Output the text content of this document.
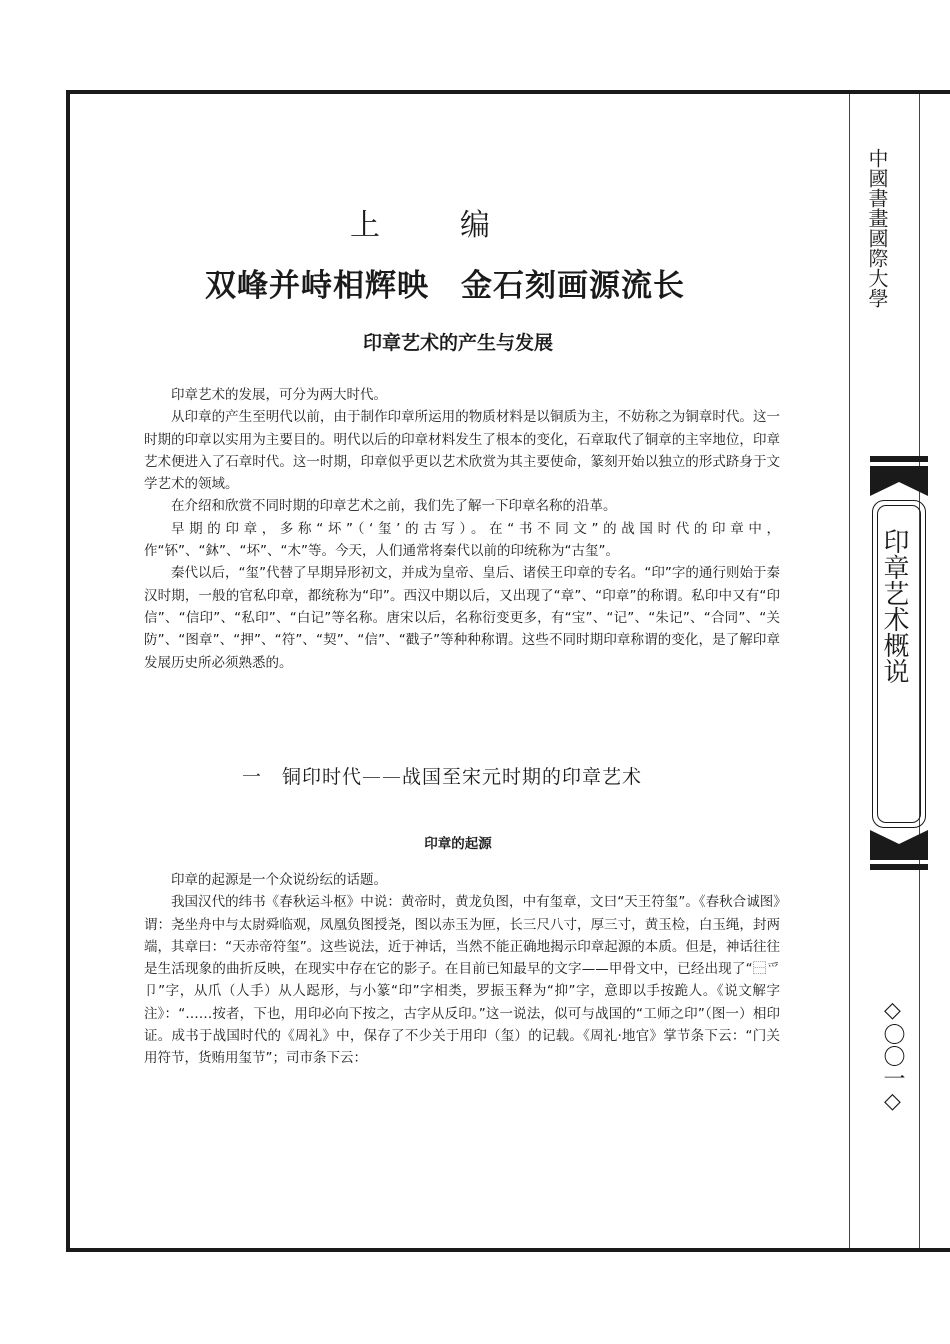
中國書畫國際大學
印章艺术概说
◇〇〇一◇
上编
双峰并峙相辉映　金石刻画源流长
印章艺术的产生与发展

印章艺术的发展，可分为两大时代。

从印章的产生至明代以前，由于制作印章所运用的物质材料是以铜质为主，不妨称之为铜章时代。这一时期的印章以实用为主要目的。明代以后的印章材料发生了根本的变化，石章取代了铜章的主宰地位，印章艺术便进入了石章时代。这一时期，印章似乎更以艺术欣赏为其主要使命，篆刻开始以独立的形式跻身于文学艺术的领域。

在介绍和欣赏不同时期的印章艺术之前，我们先了解一下印章名称的沿革。

早期的印章，多称“坏”（‘玺’的古写）。在“书不同文”的战国时代的印章中，作“钚”、“鈢”、“坏”、“木”等。今天，人们通常将秦代以前的印统称为“古玺”。

秦代以后，“玺”代替了早期异形初文，并成为皇帝、皇后、诸侯王印章的专名。“印”字的通行则始于秦汉时期，一般的官私印章，都统称为“印”。西汉中期以后，又出现了“章”、“印章”的称谓。私印中又有“印信”、“信印”、“私印”、“白记”等名称。唐宋以后，名称衍变更多，有“宝”、“记”、“朱记”、“合同”、“关防”、“图章”、“押”、“符”、“契”、“信”、“戳子”等种种称谓。这些不同时期印章称谓的变化，是了解印章发展历史所必须熟悉的。

一　铜印时代——战国至宋元时期的印章艺术
印章的起源

印章的起源是一个众说纷纭的话题。

我国汉代的纬书《春秋运斗枢》中说：黄帝时，黄龙负图，中有玺章，文曰“天王符玺”。《春秋合诚图》谓：尧坐舟中与太尉舜临观，凤凰负图授尧，图以赤玉为匣，长三尺八寸，厚三寸，黄玉检，白玉绳，封两端，其章曰：“天赤帝符玺”。这些说法，近于神话，当然不能正确地揭示印章起源的本质。但是，神话往往是生活现象的曲折反映，在现实中存在它的影子。在目前已知最早的文字——甲骨文中，已经出现了“⿱爫卩”字，从爪（人手）从人跽形，与小篆“印”字相类，罗振玉释为“抑”字，意即以手按跪人。《说文解字注》：“……按者，下也，用印必向下按之，古字从反印。”这一说法，似可与战国的“工师之印”（图一）相印证。成书于战国时代的《周礼》中，保存了不少关于用印（玺）的记载。《周礼·地官》掌节条下云：“门关用符节，货贿用玺节”；司市条下云：
